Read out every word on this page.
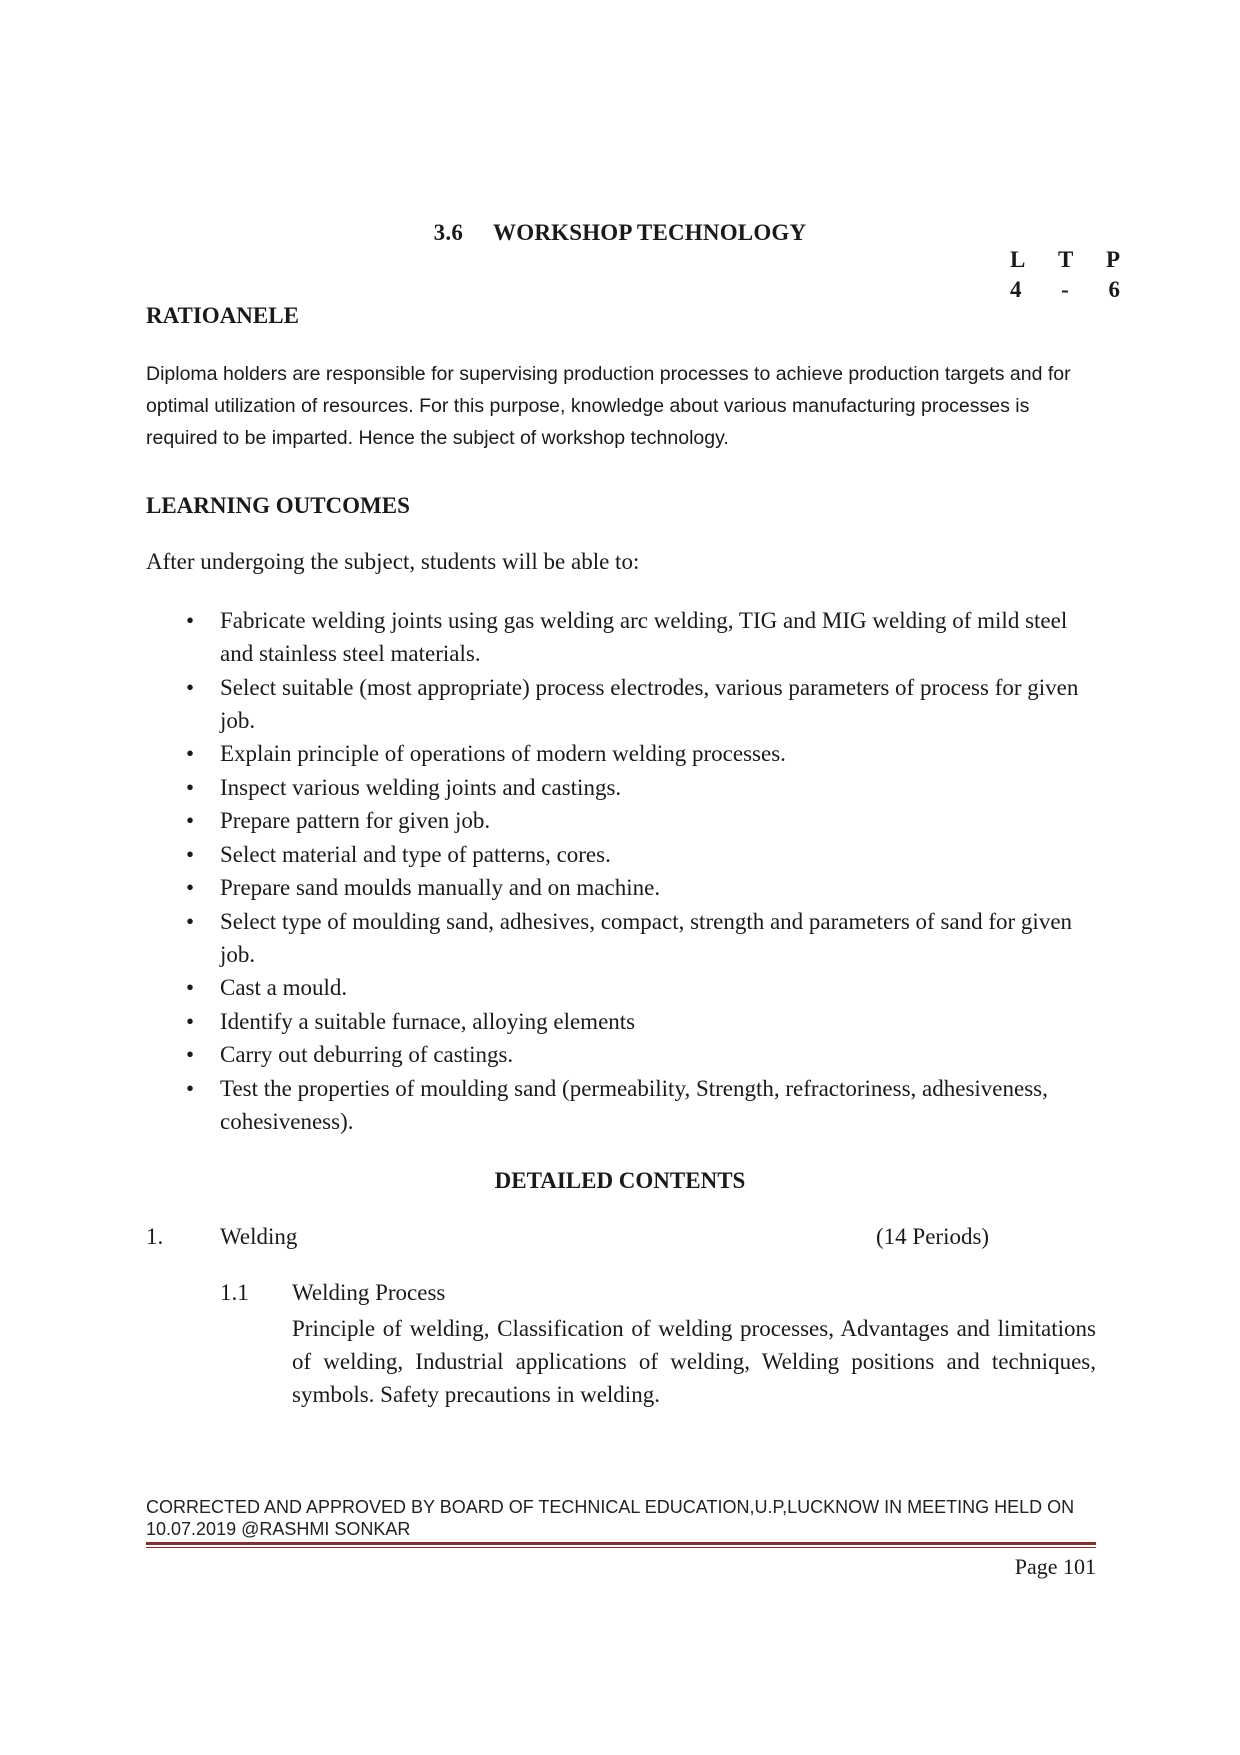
3.6 WORKSHOP TECHNOLOGY
L T P
4 - 6
RATIOANELE
Diploma holders are responsible for supervising production processes to achieve production targets and for optimal utilization of resources. For this purpose, knowledge about various manufacturing processes is required to be imparted. Hence the subject of workshop technology.
LEARNING OUTCOMES
After undergoing the subject, students will be able to:
• Fabricate welding joints using gas welding arc welding, TIG and MIG welding of mild steel and stainless steel materials.
• Select suitable (most appropriate) process electrodes, various parameters of process for given job.
• Explain principle of operations of modern welding processes.
• Inspect various welding joints and castings.
• Prepare pattern for given job.
• Select material and type of patterns, cores.
• Prepare sand moulds manually and on machine.
• Select type of moulding sand, adhesives, compact, strength and parameters of sand for given job.
• Cast a mould.
• Identify a suitable furnace, alloying elements
• Carry out deburring of castings.
• Test the properties of moulding sand (permeability, Strength, refractoriness, adhesiveness, cohesiveness).
DETAILED CONTENTS
1. Welding	(14 Periods)
1.1 Welding Process
Principle of welding, Classification of welding processes, Advantages and limitations of welding, Industrial applications of welding, Welding positions and techniques, symbols. Safety precautions in welding.
CORRECTED AND APPROVED BY BOARD OF TECHNICAL EDUCATION,U.P,LUCKNOW IN MEETING HELD ON
10.07.2019 @RASHMI SONKAR
Page 101
